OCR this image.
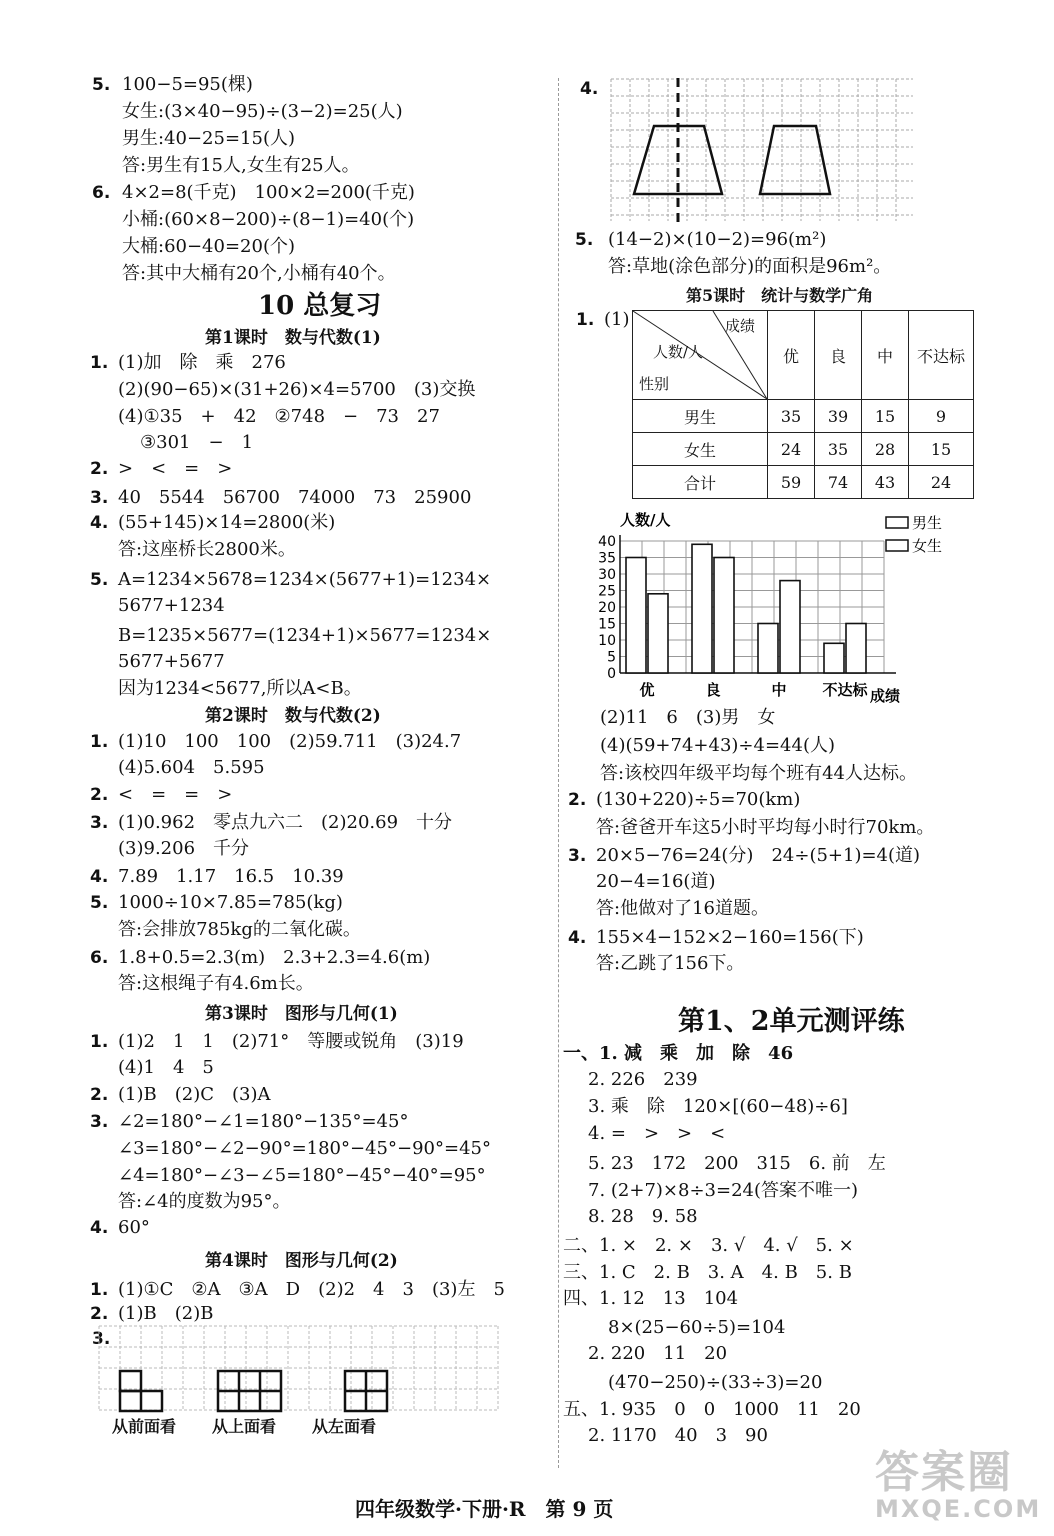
5. 100−5=95(棵)
女生:(3×40−95)÷(3−2)=25(人)
男生:40−25=15(人)
答:男生有15人,女生有25人。
6. 4×2=8(千克)　100×2=200(千克)
小桶:(60×8−200)÷(8−1)=40(个)
大桶:60−40=20(个)
答:其中大桶有20个,小桶有40个。
10 总复习
第1课时　数与代数(1)
1. (1)加　除　乘　276
(2)(90−65)×(31+26)×4=5700　(3)交换
(4)①35　+　42　②748　−　73　27
③301　−　1
2. >　<　=　>
3. 40　5544　56700　74000　73　25900
4. (55+145)×14=2800(米)
答:这座桥长2800米。
5. A=1234×5678=1234×(5677+1)=1234×
5677+1234
B=1235×5677=(1234+1)×5677=1234×
5677+5677
因为1234<5677,所以A<B。
第2课时　数与代数(2)
1. (1)10　100　100　(2)59.711　(3)24.7
(4)5.604　5.595
2. <　=　=　>
3. (1)0.962　零点九六二　(2)20.69　十分
(3)9.206　千分
4. 7.89　1.17　16.5　10.39
5. 1000÷10×7.85=785(kg)
答:会排放785kg的二氧化碳。
6. 1.8+0.5=2.3(m)　2.3+2.3=4.6(m)
答:这根绳子有4.6m长。
第3课时　图形与几何(1)
1. (1)2　1　1　(2)71°　等腰或锐角　(3)19
(4)1　4　5
2. (1)B　(2)C　(3)A
3. ∠2=180°−∠1=180°−135°=45°
∠3=180°−∠2−90°=180°−45°−90°=45°
∠4=180°−∠3−∠5=180°−45°−40°=95°
答:∠4的度数为95°。
4. 60°
第4课时　图形与几何(2)
1. (1)①C　②A　③A　D　(2)2　4　3　(3)左　5
2. (1)B　(2)B
3.
从前面看 从上面看 从左面看
4.
5. (14−2)×(10−2)=96(m²)
答:草地(涂色部分)的面积是96m²。
第5课时　统计与数学广角
1. (1)	成绩
人数/人
性别	优	良	中	不达标
男生	35	39	15	9
女生	24	35	28	15
合计	59	74	43	24
0
5
10
15
20
25
30
35
40
优	良	中 不达标
人数/人
成绩
男生
女生
(2)11　6　(3)男　女
(4)(59+74+43)÷4=44(人)
答:该校四年级平均每个班有44人达标。
2. (130+220)÷5=70(km)
答:爸爸开车这5小时平均每小时行70km。
3. 20×5−76=24(分)　24÷(5+1)=4(道)
20−4=16(道)
答:他做对了16道题。
4. 155×4−152×2−160=156(下)
答:乙跳了156下。
第1、2单元测评练
一、1. 减　乘　加　除　46
2. 226　239
3. 乘　除　120×[(60−48)÷6]
4. =　>　>　<
5. 23　172　200　315　6. 前　左
7. (2+7)×8÷3=24(答案不唯一)
8. 28　9. 58
二、1. ×　2. ×　3. √　4. √　5. ×
三、1. C　2. B　3. A　4. B　5. B
四、1. 12　13　104
8×(25−60÷5)=104
2. 220　11　20
(470−250)÷(33÷3)=20
五、1. 935　0　0　1000　11　20
2. 1170　40　3　90
四年级数学·下册·R　第 9 页
答案圈
MXQE.COM
